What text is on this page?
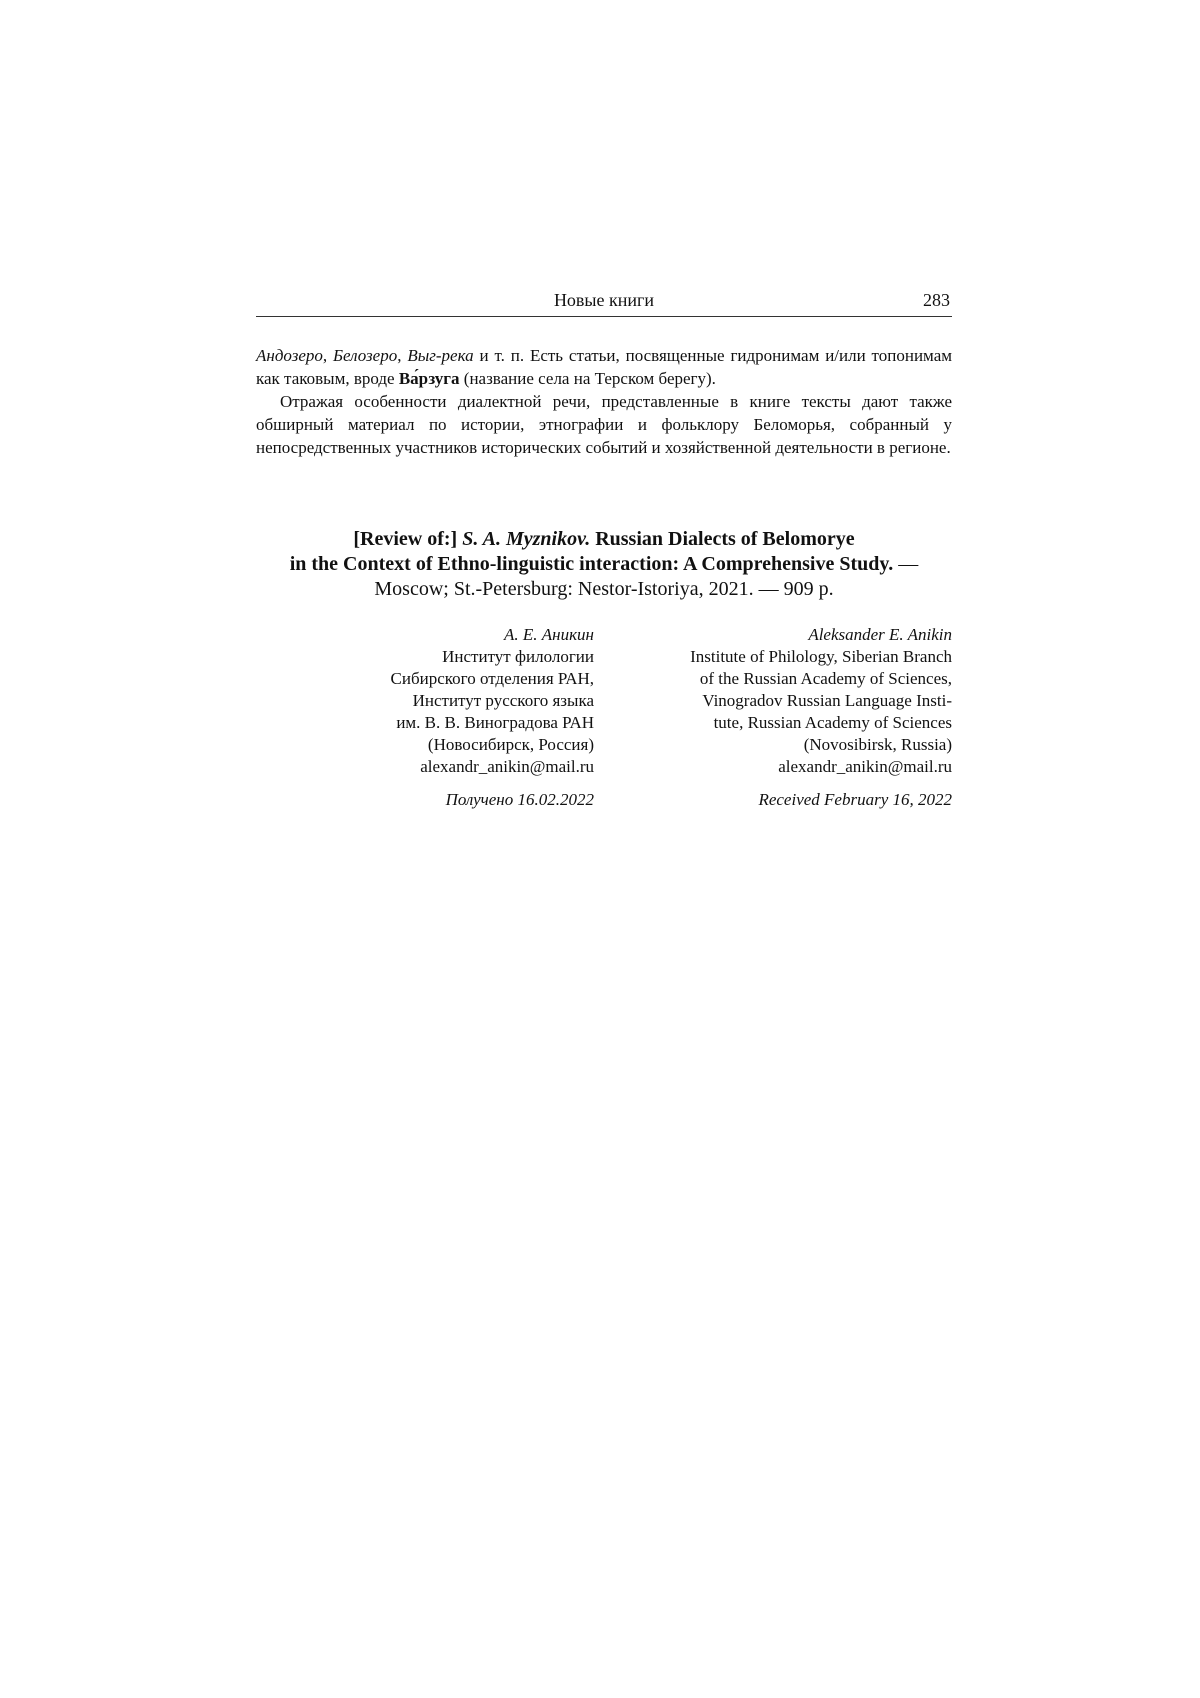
Новые книги	283

Андозеро, Белозеро, Выг-река и т. п. Есть статьи, посвященные гидронимам и/или топонимам как таковым, вроде Ва́рзуга (название села на Терском берегу).

Отражая особенности диалектной речи, представленные в книге тексты дают также обширный материал по истории, этнографии и фольклору Беломорья, собранный у непосредственных участников исторических событий и хозяйственной деятельности в регионе.

[Review of:] S. A. Myznikov. Russian Dialects of Belomorye
in the Context of Ethno-linguistic interaction: A Comprehensive Study. —
Moscow; St.-Petersburg: Nestor-Istoriya, 2021. — 909 p.
А. Е. Аникин
Институт филологии
Сибирского отделения РАН,
Институт русского языка
им. В. В. Виноградова РАН
(Новосибирск, Россия)
alexandr_anikin@mail.ru
Получено 16.02.2022
Aleksander E. Anikin
Institute of Philology, Siberian Branch
of the Russian Academy of Sciences,
Vinogradov Russian Language Insti-
tute, Russian Academy of Sciences
(Novosibirsk, Russia)
alexandr_anikin@mail.ru
Received February 16, 2022
